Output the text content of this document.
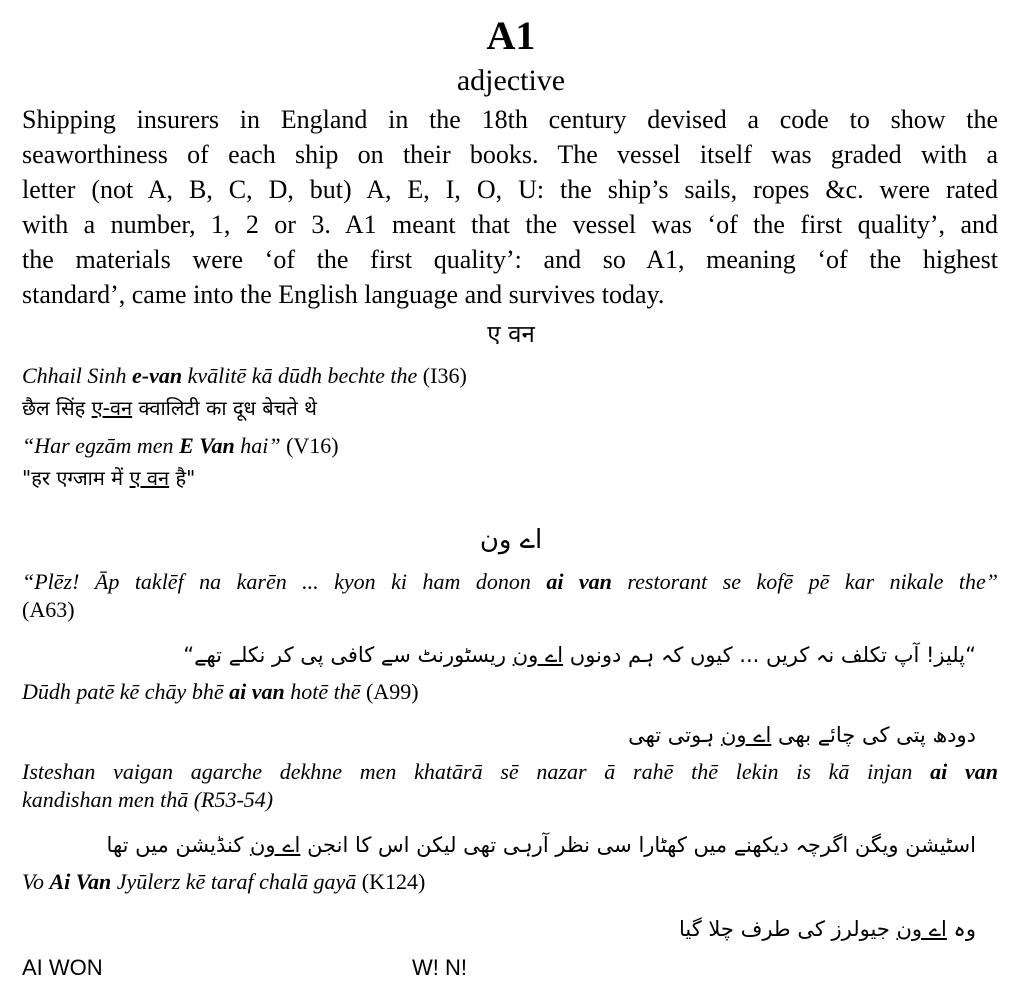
A1
adjective
Shipping insurers in England in the 18th century devised a code to show the
seaworthiness of each ship on their books. The vessel itself was graded with a
letter (not A, B, C, D, but) A, E, I, O, U: the ship’s sails, ropes &c. were rated
with a number, 1, 2 or 3. A1 meant that the vessel was ‘of the first quality’, and
the materials were ‘of the first quality’: and so A1, meaning ‘of the highest
standard’, came into the English language and survives today.
ए वन
Chhail Sinh e-van kvālitē kā dūdh bechte the (I36)
छैल सिंह ए-वन क्वालिटी का दूध बेचते थे
“Har egzām men E Van hai” (V16)
"हर एग्जाम में ए वन है"
اے ون
“Plēz! Āp taklēf na karēn ... kyon ki ham donon ai van restorant se kofē pē kar nikale the”
(A63)
“پلیز! آپ تکلف نہ کریں ... کیوں کہ ہم دونوں اے ون ریسٹورنٹ سے کافی پی کر نکلے تھے“
Dūdh patē kē chāy bhē ai van hotē thē (A99)
دودھ پتی کی چائے بھی اے ون ہوتی تھی
Isteshan vaigan agarche dekhne men khatārā sē nazar ā rahē thē lekin is kā injan ai van
kandishan men thā (R53-54)
اسٹیشن ویگن اگرچہ دیکھنے میں کھٹارا سی نظر آرہی تھی لیکن اس کا انجن اے ون کنڈیشن میں تھا
Vo Ai Van Jyūlerz kē taraf chalā gayā (K124)
وہ اے ون جیولرز کی طرف چلا گیا
AI WON	W! N!
